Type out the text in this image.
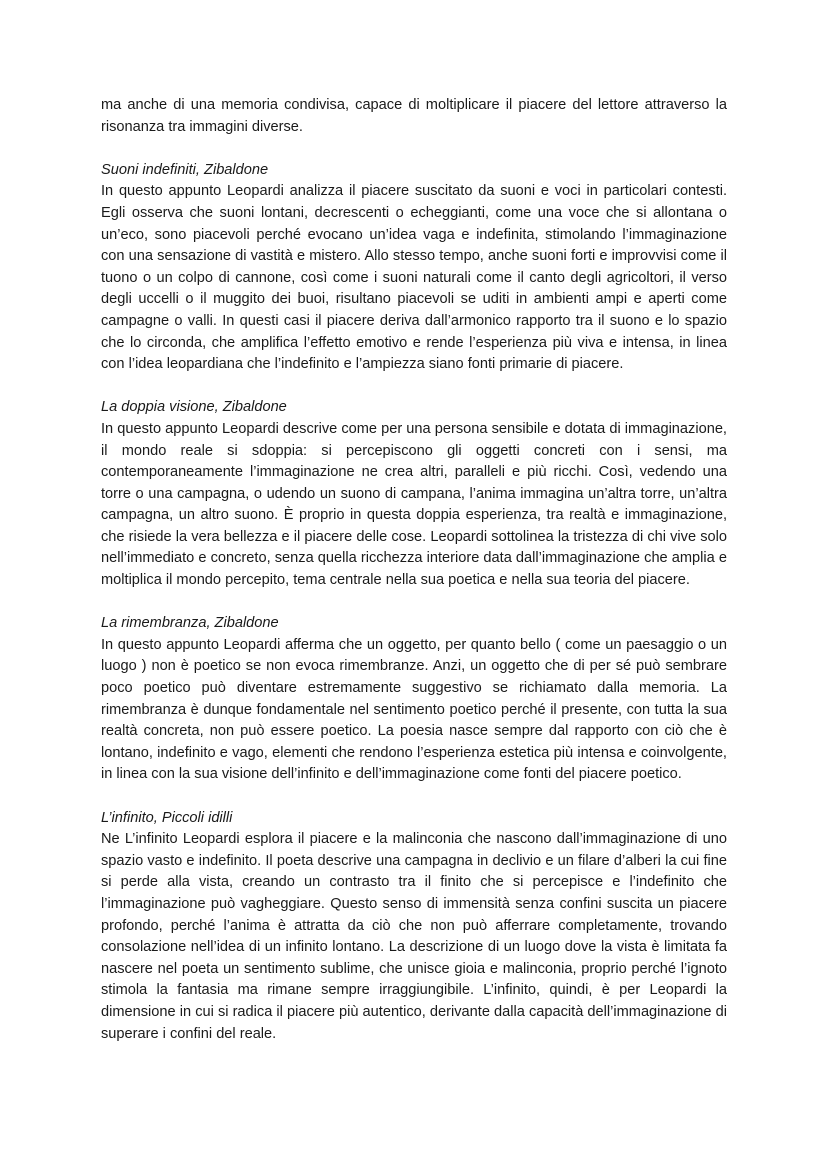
ma anche di una memoria condivisa, capace di moltiplicare il piacere del lettore attraverso la risonanza tra immagini diverse.

Suoni indefiniti, Zibaldone

In questo appunto Leopardi analizza il piacere suscitato da suoni e voci in particolari contesti. Egli osserva che suoni lontani, decrescenti o echeggianti, come una voce che si allontana o un’eco, sono piacevoli perché evocano un’idea vaga e indefinita, stimolando l’immaginazione con una sensazione di vastità e mistero. Allo stesso tempo, anche suoni forti e improvvisi come il tuono o un colpo di cannone, così come i suoni naturali come il canto degli agricoltori, il verso degli uccelli o il muggito dei buoi, risultano piacevoli se uditi in ambienti ampi e aperti come campagne o valli. In questi casi il piacere deriva dall’armonico rapporto tra il suono e lo spazio che lo circonda, che amplifica l’effetto emotivo e rende l’esperienza più viva e intensa, in linea con l’idea leopardiana che l’indefinito e l’ampiezza siano fonti primarie di piacere.

La doppia visione, Zibaldone

In questo appunto Leopardi descrive come per una persona sensibile e dotata di immaginazione, il mondo reale si sdoppia: si percepiscono gli oggetti concreti con i sensi, ma contemporaneamente l’immaginazione ne crea altri, paralleli e più ricchi. Così, vedendo una torre o una campagna, o udendo un suono di campana, l’anima immagina un’altra torre, un’altra campagna, un altro suono. È proprio in questa doppia esperienza, tra realtà e immaginazione, che risiede la vera bellezza e il piacere delle cose. Leopardi sottolinea la tristezza di chi vive solo nell’immediato e concreto, senza quella ricchezza interiore data dall’immaginazione che amplia e moltiplica il mondo percepito, tema centrale nella sua poetica e nella sua teoria del piacere.

La rimembranza, Zibaldone

In questo appunto Leopardi afferma che un oggetto, per quanto bello ( come un paesaggio o un luogo ) non è poetico se non evoca rimembranze. Anzi, un oggetto che di per sé può sembrare poco poetico può diventare estremamente suggestivo se richiamato dalla memoria. La rimembranza è dunque fondamentale nel sentimento poetico perché il presente, con tutta la sua realtà concreta, non può essere poetico. La poesia nasce sempre dal rapporto con ciò che è lontano, indefinito e vago, elementi che rendono l’esperienza estetica più intensa e coinvolgente, in linea con la sua visione dell’infinito e dell’immaginazione come fonti del piacere poetico.

L’infinito, Piccoli idilli

Ne L’infinito Leopardi esplora il piacere e la malinconia che nascono dall’immaginazione di uno spazio vasto e indefinito. Il poeta descrive una campagna in declivio e un filare d’alberi la cui fine si perde alla vista, creando un contrasto tra il finito che si percepisce e l’indefinito che l’immaginazione può vagheggiare. Questo senso di immensità senza confini suscita un piacere profondo, perché l’anima è attratta da ciò che non può afferrare completamente, trovando consolazione nell’idea di un infinito lontano. La descrizione di un luogo dove la vista è limitata fa nascere nel poeta un sentimento sublime, che unisce gioia e malinconia, proprio perché l’ignoto stimola la fantasia ma rimane sempre irraggiungibile. L’infinito, quindi, è per Leopardi la dimensione in cui si radica il piacere più autentico, derivante dalla capacità dell’immaginazione di superare i confini del reale.
